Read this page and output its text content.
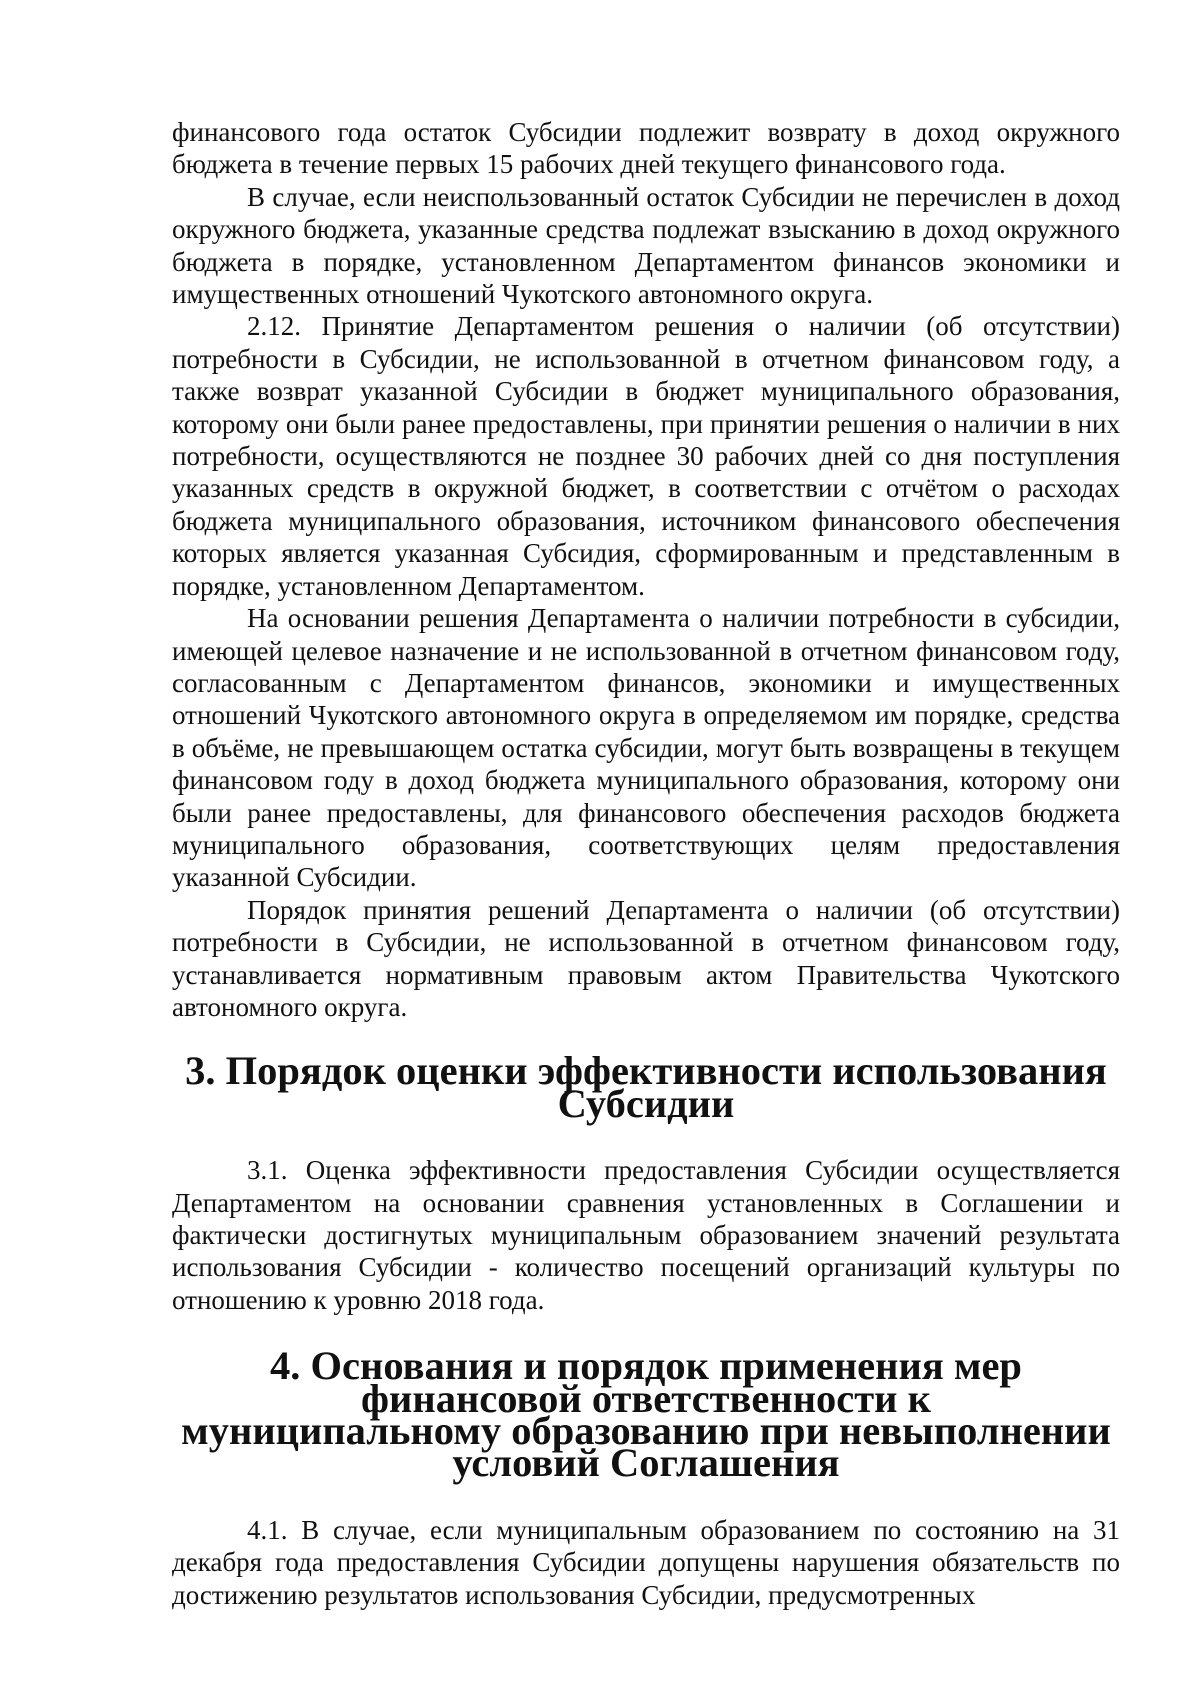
финансового года остаток Субсидии подлежит возврату в доход окружного бюджета в течение первых 15 рабочих дней текущего финансового года.

В случае, если неиспользованный остаток Субсидии не перечислен в доход окружного бюджета, указанные средства подлежат взысканию в доход окружного бюджета в порядке, установленном Департаментом финансов экономики и имущественных отношений Чукотского автономного округа.

2.12. Принятие Департаментом решения о наличии (об отсутствии) потребности в Субсидии, не использованной в отчетном финансовом году, а также возврат указанной Субсидии в бюджет муниципального образования, которому они были ранее предоставлены, при принятии решения о наличии в них потребности, осуществляются не позднее 30 рабочих дней со дня поступления указанных средств в окружной бюджет, в соответствии с отчётом о расходах бюджета муниципального образования, источником финансового обеспечения которых является указанная Субсидия, сформированным и представленным в порядке, установленном Департаментом.

На основании решения Департамента о наличии потребности в субсидии, имеющей целевое назначение и не использованной в отчетном финансовом году, согласованным с Департаментом финансов, экономики и имущественных отношений Чукотского автономного округа в определяемом им порядке, средства в объёме, не превышающем остатка субсидии, могут быть возвращены в текущем финансовом году в доход бюджета муниципального образования, которому они были ранее предоставлены, для финансового обеспечения расходов бюджета муниципального образования, соответствующих целям предоставления указанной Субсидии.

Порядок принятия решений Департамента о наличии (об отсутствии) потребности в Субсидии, не использованной в отчетном финансовом году, устанавливается нормативным правовым актом Правительства Чукотского автономного округа.

3. Порядок оценки эффективности использования Субсидии

3.1. Оценка эффективности предоставления Субсидии осуществляется Департаментом на основании сравнения установленных в Соглашении и фактически достигнутых муниципальным образованием значений результата использования Субсидии - количество посещений организаций культуры по отношению к уровню 2018 года.

4. Основания и порядок применения мер финансовой ответственности к
муниципальному образованию при невыполнении условий Соглашения

4.1. В случае, если муниципальным образованием по состоянию на 31 декабря года предоставления Субсидии допущены нарушения обязательств по достижению результатов использования Субсидии, предусмотренных
